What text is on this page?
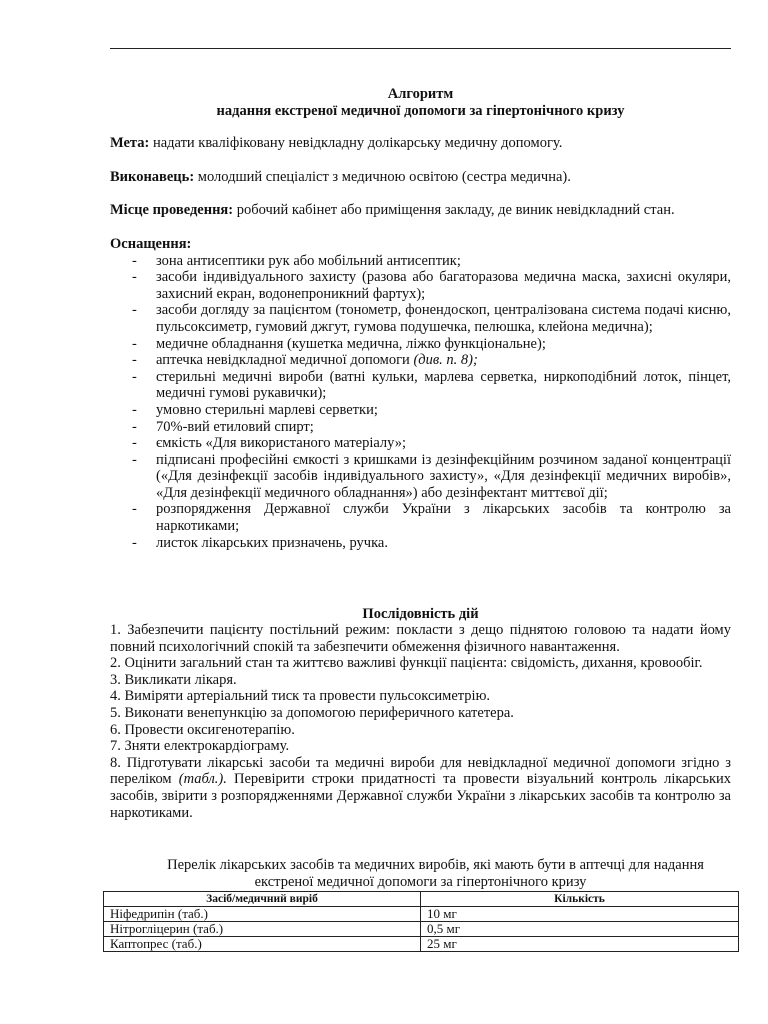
Алгоритм
надання екстреної медичної допомоги за гіпертонічного кризу

Мета: надати кваліфіковану невідкладну долікарську медичну допомогу.
Виконавець: молодший спеціаліст з медичною освітою (сестра медична).
Місце проведення: робочий кабінет або приміщення закладу, де виник невідкладний стан.
Оснащення:
- зона антисептики рук або мобільний антисептик;
- засоби індивідуального захисту (разова або багаторазова медична маска, захисні окуляри, захисний екран, водонепроникний фартух);
- засоби догляду за пацієнтом (тонометр, фонендоскоп, централізована система подачі кисню, пульсоксиметр, гумовий джгут, гумова подушечка, пелюшка, клейона медична);
- медичне обладнання (кушетка медична, ліжко функціональне);
- аптечка невідкладної медичної допомоги (див. п. 8);
- стерильні медичні вироби (ватні кульки, марлева серветка, ниркоподібний лоток, пінцет, медичні гумові рукавички);
- умовно стерильні марлеві серветки;
- 70%-вий етиловий спирт;
- ємкість «Для використаного матеріалу»;
- підписані професійні ємкості з кришками із дезінфекційним розчином заданої концентрації («Для дезінфекції засобів індивідуального захисту», «Для дезінфекції медичних виробів», «Для дезінфекції медичного обладнання») або дезінфектант миттєвої дії;
- розпорядження Державної служби України з лікарських засобів та контролю за наркотиками;
- листок лікарських призначень, ручка.
Послідовність дій
1. Забезпечити пацієнту постільний режим: покласти з дещо піднятою головою та надати йому повний психологічний спокій та забезпечити обмеження фізичного навантаження.
2. Оцінити загальний стан та життєво важливі функції пацієнта: свідомість, дихання, кровообіг.
3. Викликати лікаря.
4. Виміряти артеріальний тиск та провести пульсоксиметрію.
5. Виконати венепункцію за допомогою периферичного катетера.
6. Провести оксигенотерапію.
7. Зняти електрокардіограму.
8. Підготувати лікарські засоби та медичні вироби для невідкладної медичної допомоги згідно з переліком (табл.). Перевірити строки придатності та провести візуальний контроль лікарських засобів, звірити з розпорядженнями Державної служби України з лікарських засобів та контролю за наркотиками.
Перелік лікарських засобів та медичних виробів, які мають бути в аптечці для надання екстреної медичної допомоги за гіпертонічного кризу
Засіб/медичний виріб	Кількість
Ніфедрипін (таб.)	10 мг
Нітрогліцерин (таб.)	0,5 мг
Каптопрес (таб.)	25 мг
